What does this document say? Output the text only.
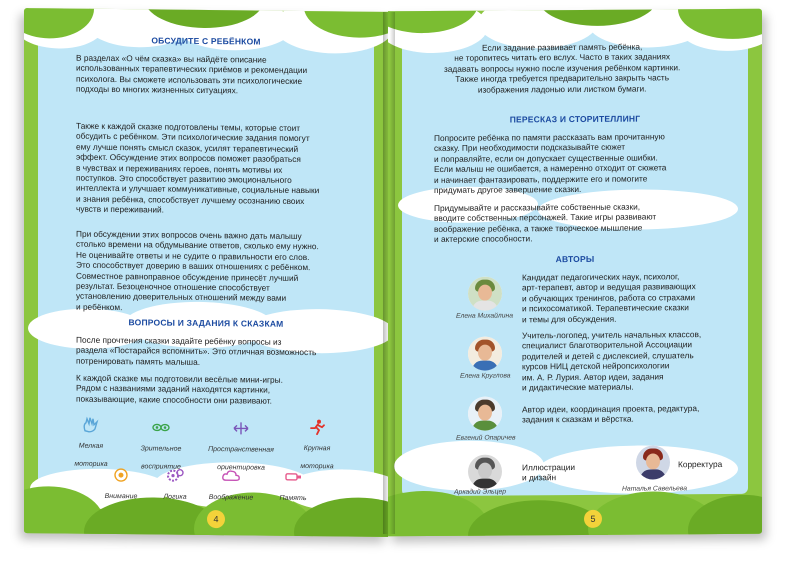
ОБСУДИТЕ С РЕБЁНКОМ
В разделах «О чём сказка» вы найдёте описание
использованных терапевтических приёмов и рекомендации
психолога. Вы сможете использовать эти психологические
подходы во многих жизненных ситуациях.
Также к каждой сказке подготовлены темы, которые стоит
обсудить с ребёнком. Эти психологические задания помогут
ему лучше понять смысл сказок, усилят терапевтический
эффект. Обсуждение этих вопросов поможет разобраться
в чувствах и переживаниях героев, понять мотивы их
поступков. Это способствует развитию эмоционального
интеллекта и улучшает коммуникативные, социальные навыки
и знания ребёнка, способствует лучшему осознанию своих
чувств и переживаний.
При обсуждении этих вопросов очень важно дать малышу
столько времени на обдумывание ответов, сколько ему нужно.
Не оценивайте ответы и не судите о правильности его слов.
Это способствует доверию в ваших отношениях с ребёнком.
Совместное равноправное обсуждение принесёт лучший
результат. Безоценочное отношение способствует
установлению доверительных отношений между вами
и ребёнком.
ВОПРОСЫ И ЗАДАНИЯ К СКАЗКАМ
После прочтения сказки задайте ребёнку вопросы из
раздела «Постарайся вспомнить». Это отличная возможность
потренировать память малыша.
К каждой сказке мы подготовили весёлые мини-игры.
Рядом с названиями заданий находятся картинки,
показывающие, какие способности они развивают.
Мелкая моторика
Зрительное восприятие
Пространственная ориентировка
Крупная моторика
Внимание	Логика	Воображение	Память
4
Если задание развивает память ребёнка,
не торопитесь читать его вслух. Часто в таких заданиях
задавать вопросы нужно после изучения ребёнком картинки.
Также иногда требуется предварительно закрыть часть
изображения ладонью или листком бумаги.
ПЕРЕСКАЗ И СТОРИТЕЛЛИНГ
Попросите ребёнка по памяти рассказать вам прочитанную
сказку. При необходимости подсказывайте сюжет
и поправляйте, если он допускает существенные ошибки.
Если малыш не ошибается, а намеренно отходит от сюжета
и начинает фантазировать, поддержите его и помогите
придумать другое завершение сказки.
Придумывайте и рассказывайте собственные сказки,
вводите собственных персонажей. Такие игры развивают
воображение ребёнка, а также творческое мышление
и актерские способности.
АВТОРЫ
Елена Михайлина
Кандидат педагогических наук, психолог,
арт-терапевт, автор и ведущая развивающих
и обучающих тренингов, работа со страхами
и психосоматикой. Терапевтические сказки
и темы для обсуждения.
Елена Круглова
Учитель-логопед, учитель начальных классов,
специалист благотворительной Ассоциации
родителей и детей с дислексией, слушатель
курсов НИЦ детской нейропсихологии
им. А. Р. Лурия. Автор идеи, задания
и дидактические материалы.
Евгений Опаричев
Автор идеи, координация проекта, редактура,
задания к сказкам и вёрстка.
Аркадий Эльцер
Иллюстрации
и дизайн
Наталья Савельева
Корректура
5
